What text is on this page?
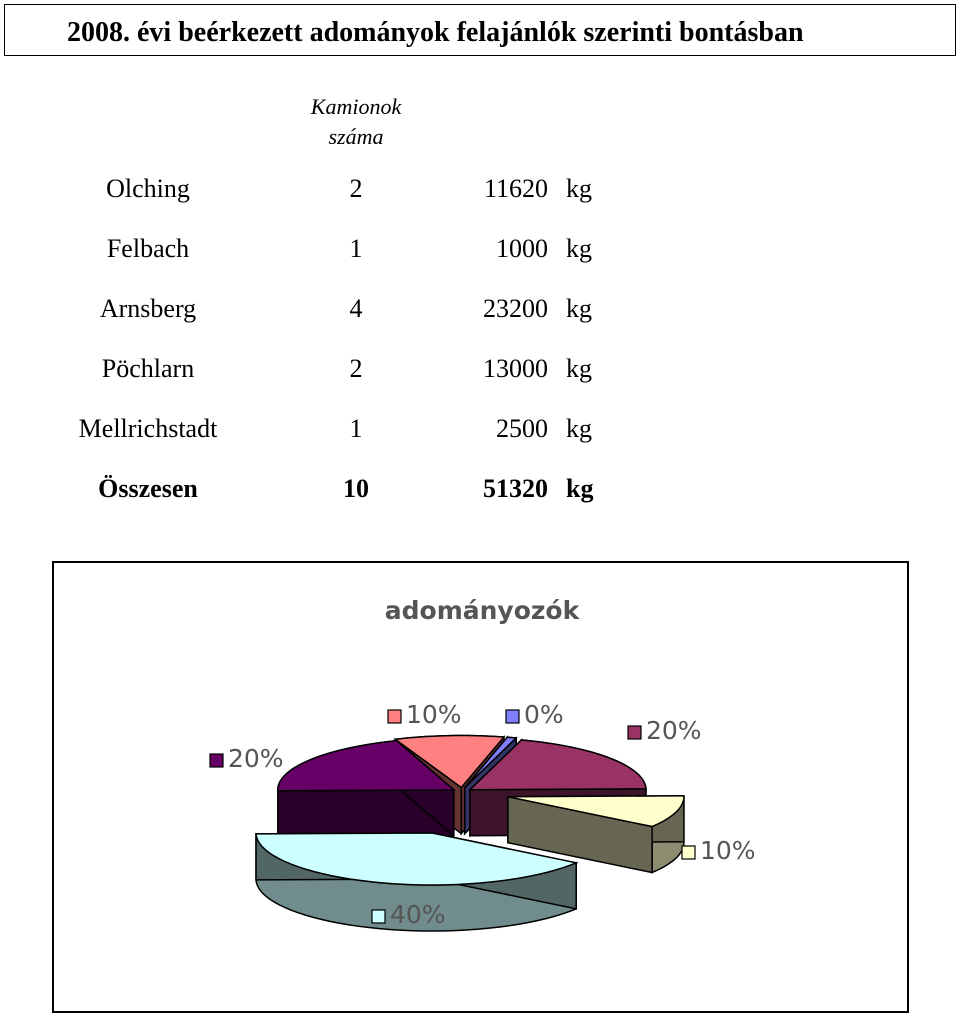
2008. évi beérkezett adományok felajánlók szerinti bontásban
Kamionok
száma
Olching	2	11620 kg
Felbach	1	1000 kg
Arnsberg	4	23200 kg
Pöchlarn	2	13000 kg
Mellrichstadt	1	2500 kg
Összesen	10	51320 kg
adományozók
10% 0%
20%
10%
40%
20%
